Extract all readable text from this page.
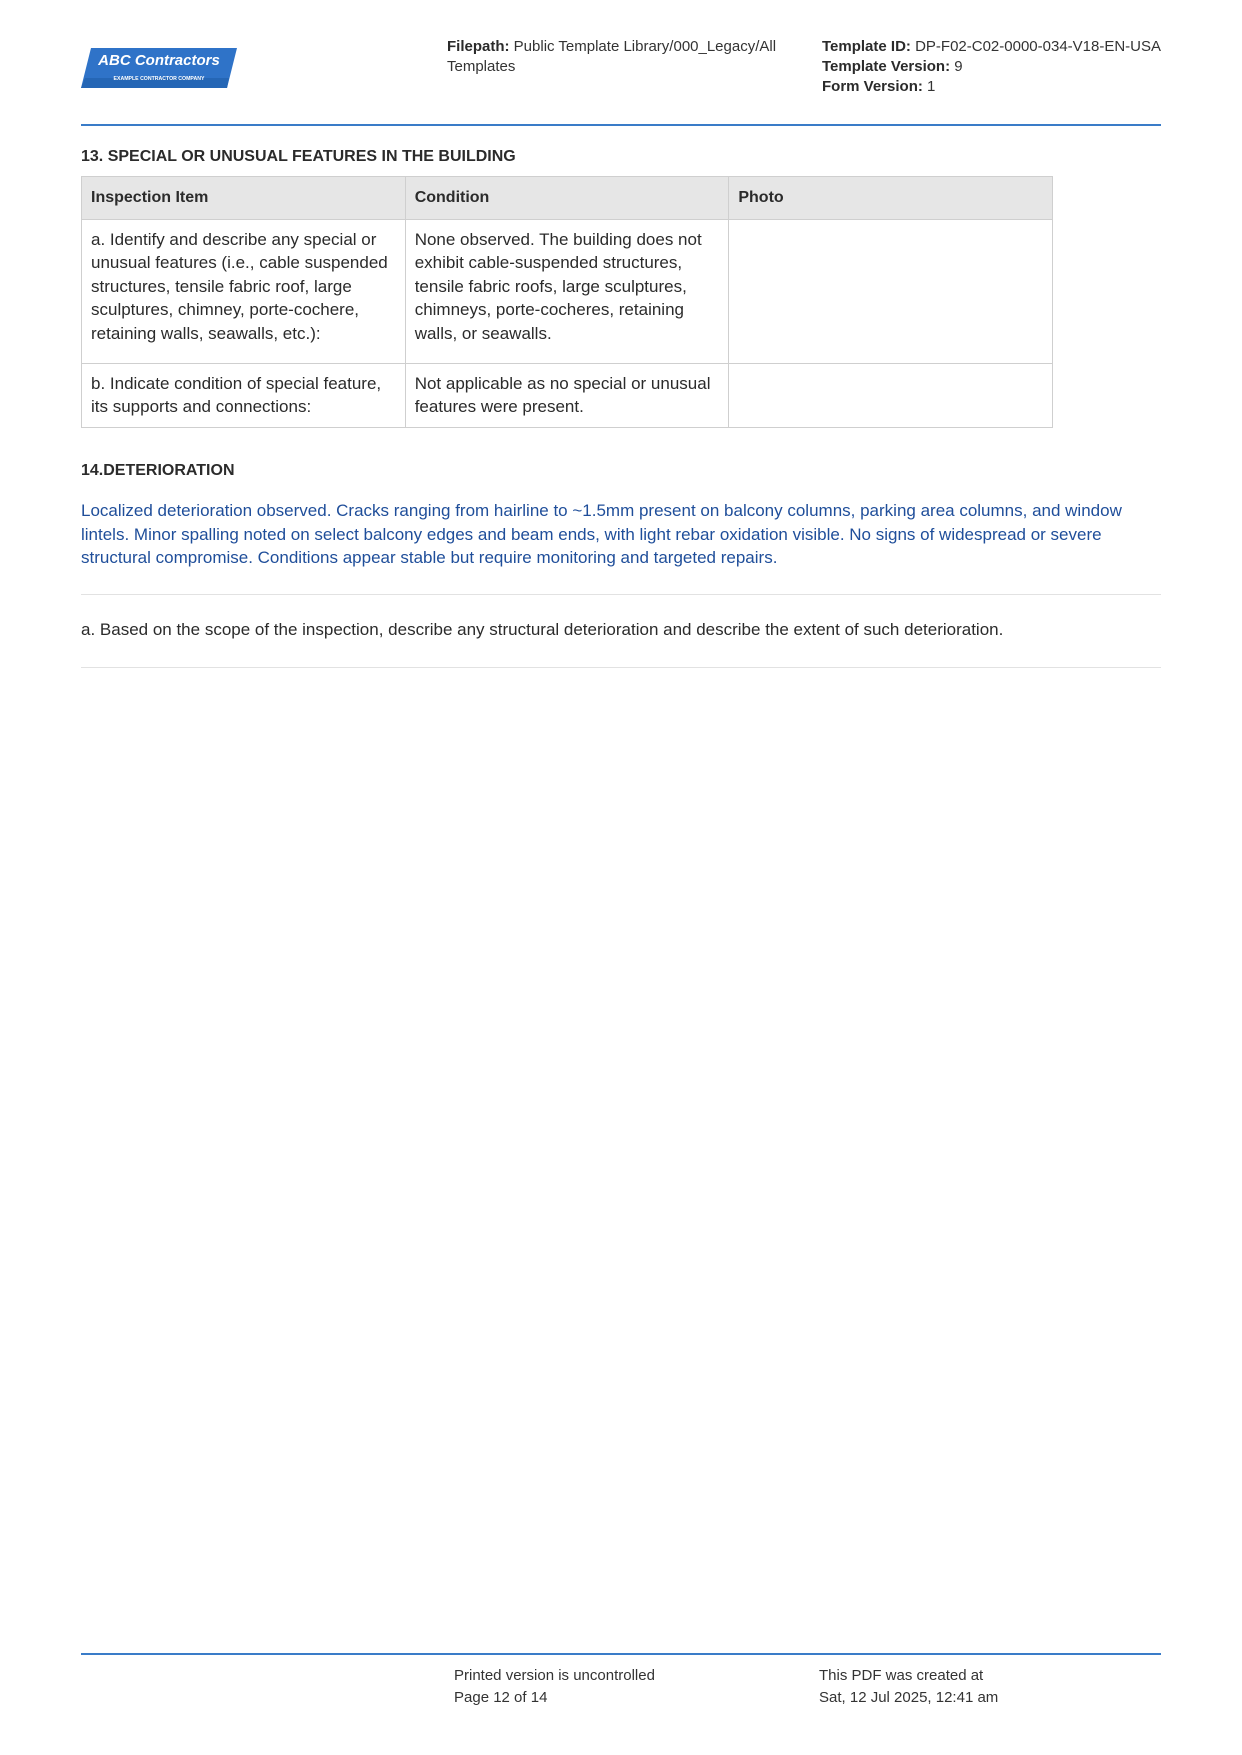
ABC Contractors
EXAMPLE CONTRACTOR COMPANY
Filepath: Public Template Library/000_Legacy/All Templates
Template ID: DP-F02-C02-0000-034-V18-EN-USA
Template Version: 9
Form Version: 1
13. SPECIAL OR UNUSUAL FEATURES IN THE BUILDING
Inspection Item	Condition	Photo
a. Identify and describe any special or unusual features (i.e., cable suspended structures, tensile fabric roof, large sculptures, chimney, porte-cochere, retaining walls, seawalls, etc.):	None observed. The building does not exhibit cable-suspended structures, tensile fabric roofs, large sculptures, chimneys, porte-cocheres, retaining walls, or seawalls.	
b. Indicate condition of special feature, its supports and connections:	Not applicable as no special or unusual features were present.	
14.DETERIORATION

Localized deterioration observed. Cracks ranging from hairline to ~1.5mm present on balcony columns, parking area columns, and window lintels. Minor spalling noted on select balcony edges and beam ends, with light rebar oxidation visible. No signs of widespread or severe structural compromise. Conditions appear stable but require monitoring and targeted repairs.

a. Based on the scope of the inspection, describe any structural deterioration and describe the extent of such deterioration.

Printed version is uncontrolled
Page 12 of 14
This PDF was created at
Sat, 12 Jul 2025, 12:41 am
